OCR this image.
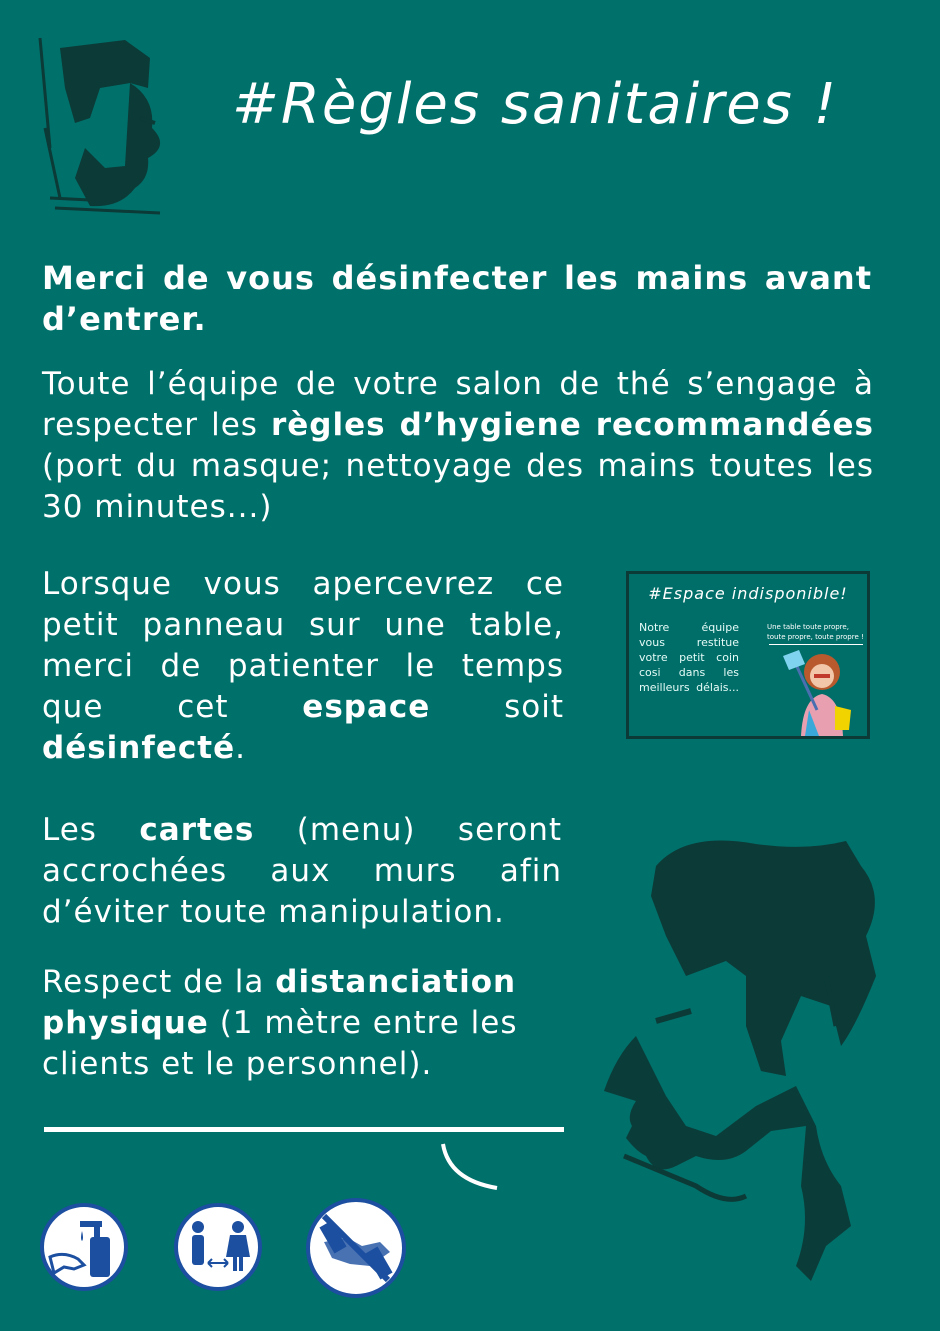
#Règles sanitaires !
Merci de vous désinfecter les mains avant d’entrer.
Toute l’équipe de votre salon de thé s’engage à respecter les règles d’hygiene recommandées (port du masque; nettoyage des mains toutes les 30 minutes...)
Lorsque vous apercevrez ce petit panneau sur une table, merci de patienter le temps que cet espace soit désinfecté.
#Espace indisponible!
Notre équipe vous restitue votre petit coin cosi dans les meilleurs délais...
Une table toute propre, toute propre, toute propre !
Les cartes (menu) seront accrochées aux murs afin d’éviter toute manipulation.
Respect de la distanciation physique (1 mètre entre les clients et le personnel).
